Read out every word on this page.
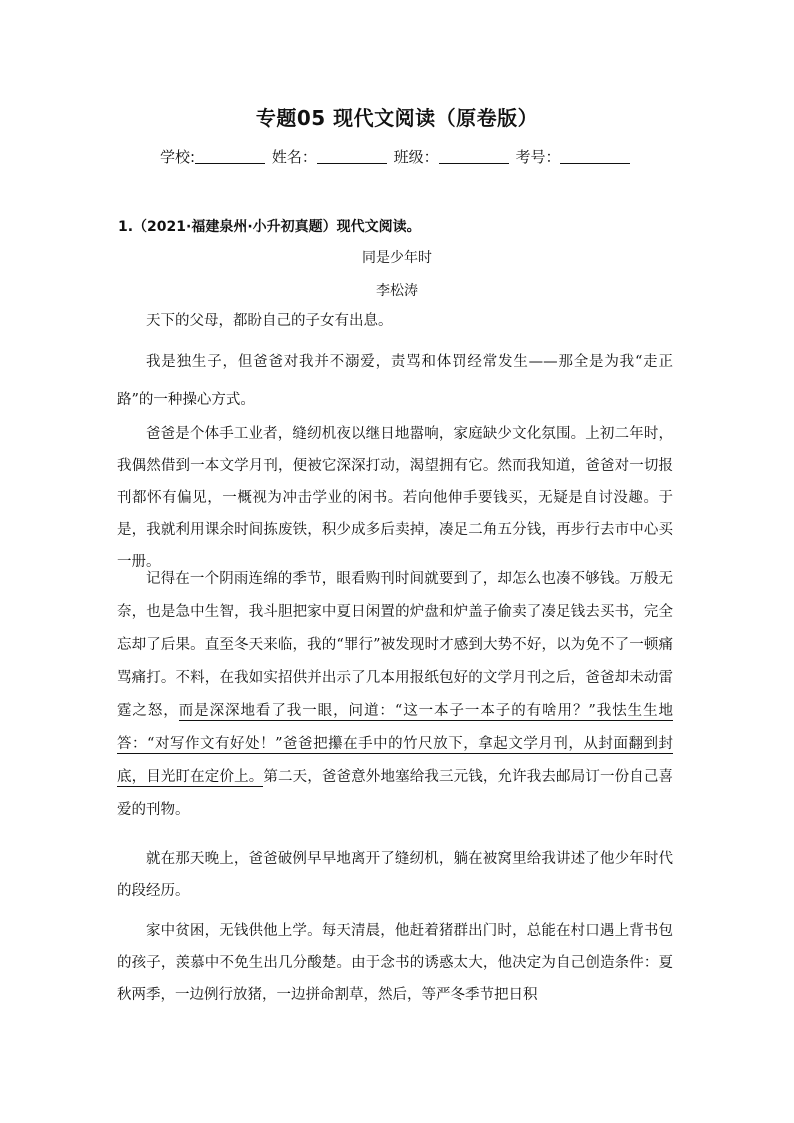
专题05 现代文阅读（原卷版）
学校:	姓名：	班级：	考号：
1.（2021·福建泉州·小升初真题）现代文阅读。
同是少年时
李松涛

天下的父母，都盼自己的子女有出息。

我是独生子，但爸爸对我并不溺爱，责骂和体罚经常发生——那全是为我“走正路”的一种操心方式。

爸爸是个体手工业者，缝纫机夜以继日地嚣响，家庭缺少文化氛围。上初二年时，我偶然借到一本文学月刊，便被它深深打动，渴望拥有它。然而我知道，爸爸对一切报刊都怀有偏见，一概视为冲击学业的闲书。若向他伸手要钱买，无疑是自讨没趣。于是，我就利用课余时间拣废铁，积少成多后卖掉，凑足二角五分钱，再步行去市中心买一册。

记得在一个阴雨连绵的季节，眼看购刊时间就要到了，却怎么也凑不够钱。万般无奈，也是急中生智，我斗胆把家中夏日闲置的炉盘和炉盖子偷卖了凑足钱去买书，完全忘却了后果。直至冬天来临，我的“罪行”被发现时才感到大势不好，以为免不了一顿痛骂痛打。不料，在我如实招供并出示了几本用报纸包好的文学月刊之后，爸爸却未动雷霆之怒，而是深深地看了我一眼，问道：“这一本子一本子的有啥用？”我怯生生地答：“对写作文有好处！”爸爸把攥在手中的竹尺放下，拿起文学月刊，从封面翻到封底，目光盯在定价上。第二天，爸爸意外地塞给我三元钱，允许我去邮局订一份自己喜爱的刊物。

就在那天晚上，爸爸破例早早地离开了缝纫机，躺在被窝里给我讲述了他少年时代的段经历。

家中贫困，无钱供他上学。每天清晨，他赶着猪群出门时，总能在村口遇上背书包的孩子，羡慕中不免生出几分酸楚。由于念书的诱惑太大，他决定为自己创造条件：夏秋两季，一边例行放猪，一边拼命割草，然后，等严冬季节把日积
